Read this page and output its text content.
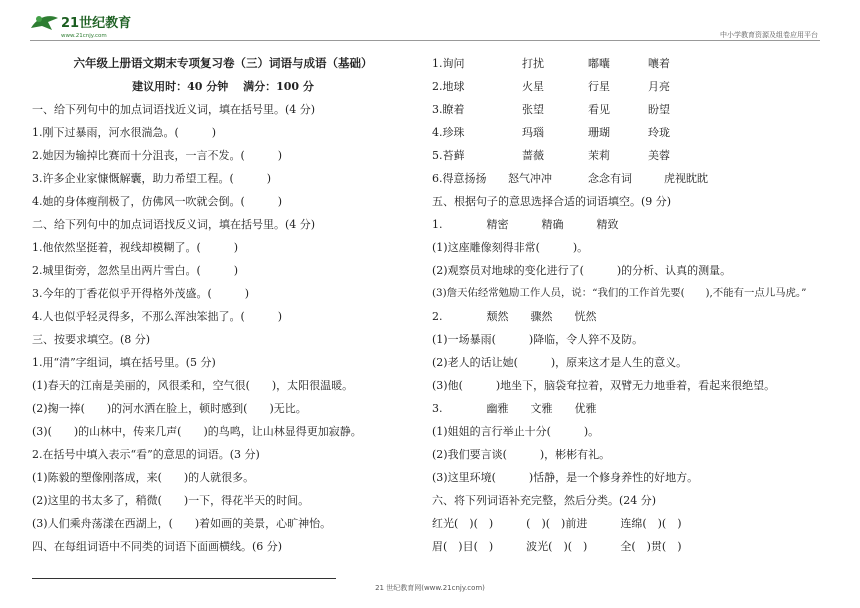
21世纪教育
www.21cnjy.com	中小学教育资源及组卷应用平台
六年级上册语文期末专项复习卷（三）词语与成语（基础）
建议用时：40 分钟　 满分：100 分
一、给下列句中的加点词语找近义词，填在括号里。(4 分)
1.刚下过暴雨，河水很湍急。(　　　)
2.她因为输掉比赛而十分沮丧，一言不发。(　　　)
3.许多企业家慷慨解囊，助力希望工程。(　　　)
4.她的身体瘦削极了，仿佛风一吹就会倒。(　　　)
二、给下列句中的加点词语找反义词，填在括号里。(4 分)
1.他依然坚挺着，视线却模糊了。(　　　)
2.城里街旁，忽然呈出两片雪白。(　　　)
3.今年的丁香花似乎开得格外茂盛。(　　　)
4.人也似乎轻灵得多，不那么浑浊笨拙了。(　　　)
三、按要求填空。(8 分)
1.用“清”字组词，填在括号里。(5 分)
(1)春天的江南是美丽的，风很柔和，空气很(　　)，太阳很温暖。
(2)掬一捧(　　)的河水洒在脸上，顿时感到(　　)无比。
(3)(　　)的山林中，传来几声(　　)的鸟鸣，让山林显得更加寂静。
2.在括号中填入表示“看”的意思的词语。(3 分)
(1)陈毅的塑像刚落成，来(　　)的人就很多。
(2)这里的书太多了，稍微(　　)一下，得花半天的时间。
(3)人们乘舟荡漾在西湖上，(　　)着如画的美景，心旷神怡。
四、在每组词语中不同类的词语下面画横线。(6 分)
1.询问	打扰	嘟囔	嚷着
2.地球	火星	行星	月亮
3.瞭着	张望	看见	盼望
4.珍珠	玛瑙	珊瑚	玲珑
5.苔藓	蔷薇	茉莉	美蓉
6.得意扬扬 怒气冲冲	念念有词	虎视眈眈
五、根据句子的意思选择合适的词语填空。(9 分)
1.　　　　精密　　　精确　　　精致
(1)这座雕像刻得非常(　　　)。
(2)观察员对地球的变化进行了(　　　)的分析、认真的测量。
(3)詹天佑经常勉励工作人员，说：“我们的工作首先要(　　),不能有一点儿马虎。”
2.　　　　颓然　　骤然　　恍然
(1)一场暴雨(　　　)降临，令人猝不及防。
(2)老人的话让她(　　　)，原来这才是人生的意义。
(3)他(　　　)地坐下，脑袋耷拉着，双臂无力地垂着，看起来很绝望。
3.　　　　幽雅　　文雅　　优雅
(1)姐姐的言行举止十分(　　　)。
(2)我们要言谈(　　　)，彬彬有礼。
(3)这里环境(　　　)恬静，是一个修身养性的好地方。
六、将下列词语补充完整，然后分类。(24 分)
红光(　)(　)　　　(　)(　)前进　　　连绵(　)(　)
眉(　)目(　)　　　波光(　)(　)　　　全(　)贯(　)
21 世纪教育网(www.21cnjy.com)
